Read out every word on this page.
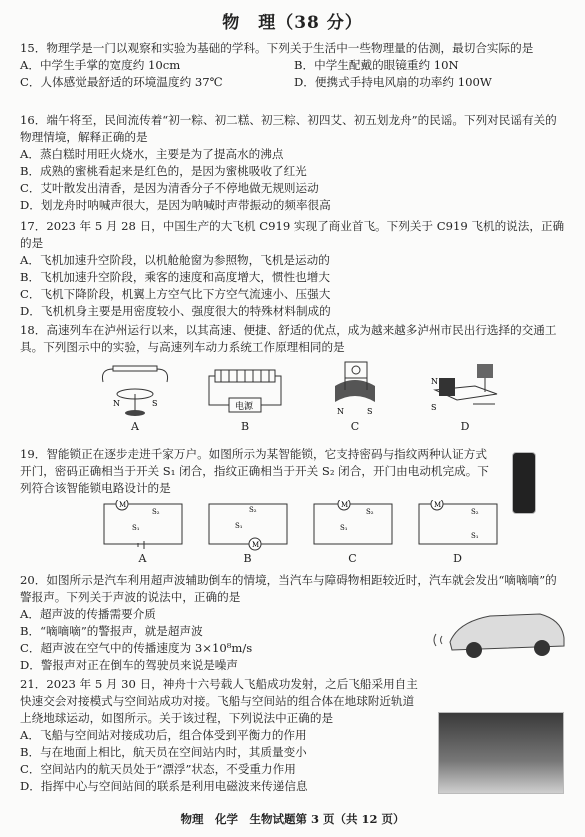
物　理（38 分）

15．物理学是一门以观察和实验为基础的学科。下列关于生活中一些物理量的估测，最切合实际的是

A．中学生手掌的宽度约 10cm	B．中学生配戴的眼镜重约 10N
C．人体感觉最舒适的环境温度约 37℃	D．便携式手持电风扇的功率约 100W

16．端午将至，民间流传着“初一粽、初二糕、初三粽、初四艾、初五划龙舟”的民谣。下列对民谣有关的物理情境，解释正确的是

A．蒸白糕时用旺火烧水，主要是为了提高水的沸点
B．成熟的蜜桃看起来是红色的，是因为蜜桃吸收了红光
C．艾叶散发出清香，是因为清香分子不停地做无规则运动
D．划龙舟时呐喊声很大，是因为呐喊时声带振动的频率很高

17．2023 年 5 月 28 日，中国生产的大飞机 C919 实现了商业首飞。下列关于 C919 飞机的说法，正确的是

A．飞机加速升空阶段，以机舱舱窗为参照物，飞机是运动的
B．飞机加速升空阶段，乘客的速度和高度增大，惯性也增大
C．飞机下降阶段，机翼上方空气比下方空气流速小、压强大
D．飞机机身主要是用密度较小、强度很大的特殊材料制成的

18．高速列车在泸州运行以来，以其高速、便捷、舒适的优点，成为越来越多泸州市民出行选择的交通工具。下列图示中的实验，与高速列车动力系统工作原理相同的是

N	S
A
电源
B
N	S
C
S
N
D

19．智能锁正在逐步走进千家万户。如图所示为某智能锁，它支持密码与指纹两种认证方式开门，密码正确相当于开关 S₁ 闭合，指纹正确相当于开关 S₂ 闭合，开门由电动机完成。下列符合该智能锁电路设计的是

M
S₂
S₁
A
M
S₂
S₁
B
M
S₂
S₁
C
M
S₂
S₁
D

20．如图所示是汽车利用超声波辅助倒车的情境，当汽车与障碍物相距较近时，汽车就会发出“嘀嘀嘀”的警报声。下列关于声波的说法中，正确的是

A．超声波的传播需要介质
B．“嘀嘀嘀”的警报声，就是超声波
C．超声波在空气中的传播速度为 3×10⁸m/s
D．警报声对正在倒车的驾驶员来说是噪声

21．2023 年 5 月 30 日，神舟十六号载人飞船成功发射，之后飞船采用自主快速交会对接模式与空间站成功对接。飞船与空间站的组合体在地球附近轨道上绕地球运动，如图所示。关于该过程，下列说法中正确的是

A．飞船与空间站对接成功后，组合体受到平衡力的作用
B．与在地面上相比，航天员在空间站内时，其质量变小
C．空间站内的航天员处于“漂浮”状态，不受重力作用
D．指挥中心与空间站间的联系是利用电磁波来传递信息
物理　化学　生物试题第 3 页（共 12 页）
